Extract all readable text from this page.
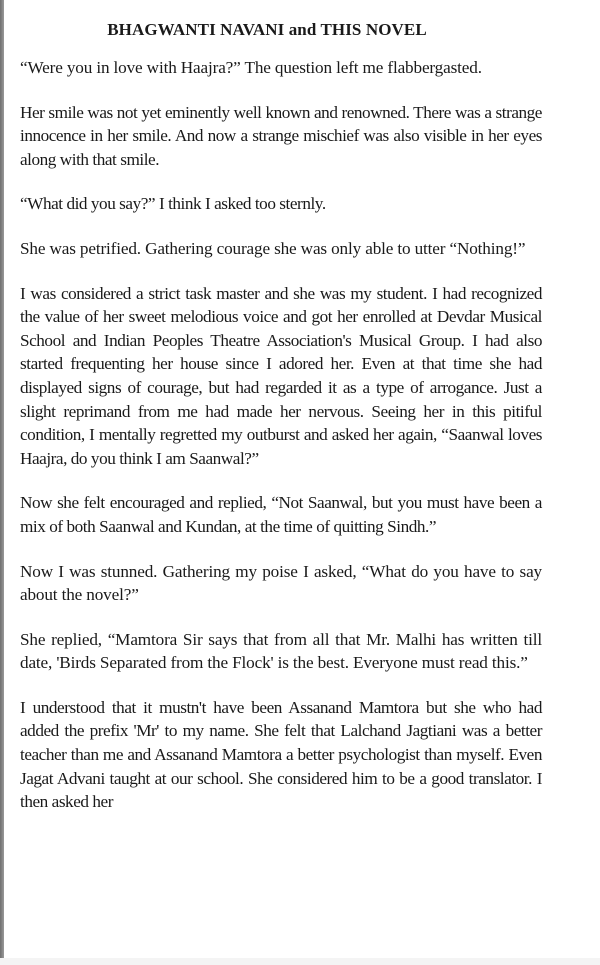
BHAGWANTI NAVANI and THIS NOVEL

“Were you in love with Haajra?” The question left me flabbergasted.

Her smile was not yet eminently well known and renowned. There was a strange innocence in her smile. And now a strange mischief was also visible in her eyes along with that smile.

“What did you say?” I think I asked too sternly.

She was petrified. Gathering courage she was only able to utter “Nothing!”

I was considered a strict task master and she was my student. I had recognized the value of her sweet melodious voice and got her enrolled at Devdar Musical School and Indian Peoples Theatre Association's Musical Group. I had also started frequenting her house since I adored her. Even at that time she had displayed signs of courage, but had regarded it as a type of arrogance. Just a slight reprimand from me had made her nervous. Seeing her in this pitiful condition, I mentally regretted my outburst and asked her again, “Saanwal loves Haajra, do you think I am Saanwal?”

Now she felt encouraged and replied, “Not Saanwal, but you must have been a mix of both Saanwal and Kundan, at the time of quitting Sindh.”

Now I was stunned. Gathering my poise I asked, “What do you have to say about the novel?”

She replied, “Mamtora Sir says that from all that Mr. Malhi has written till date, 'Birds Separated from the Flock' is the best. Everyone must read this.”

I understood that it mustn't have been Assanand Mamtora but she who had added the prefix 'Mr' to my name. She felt that Lalchand Jagtiani was a better teacher than me and Assanand Mamtora a better psychologist than myself. Even Jagat Advani taught at our school. She considered him to be a good translator. I then asked her
